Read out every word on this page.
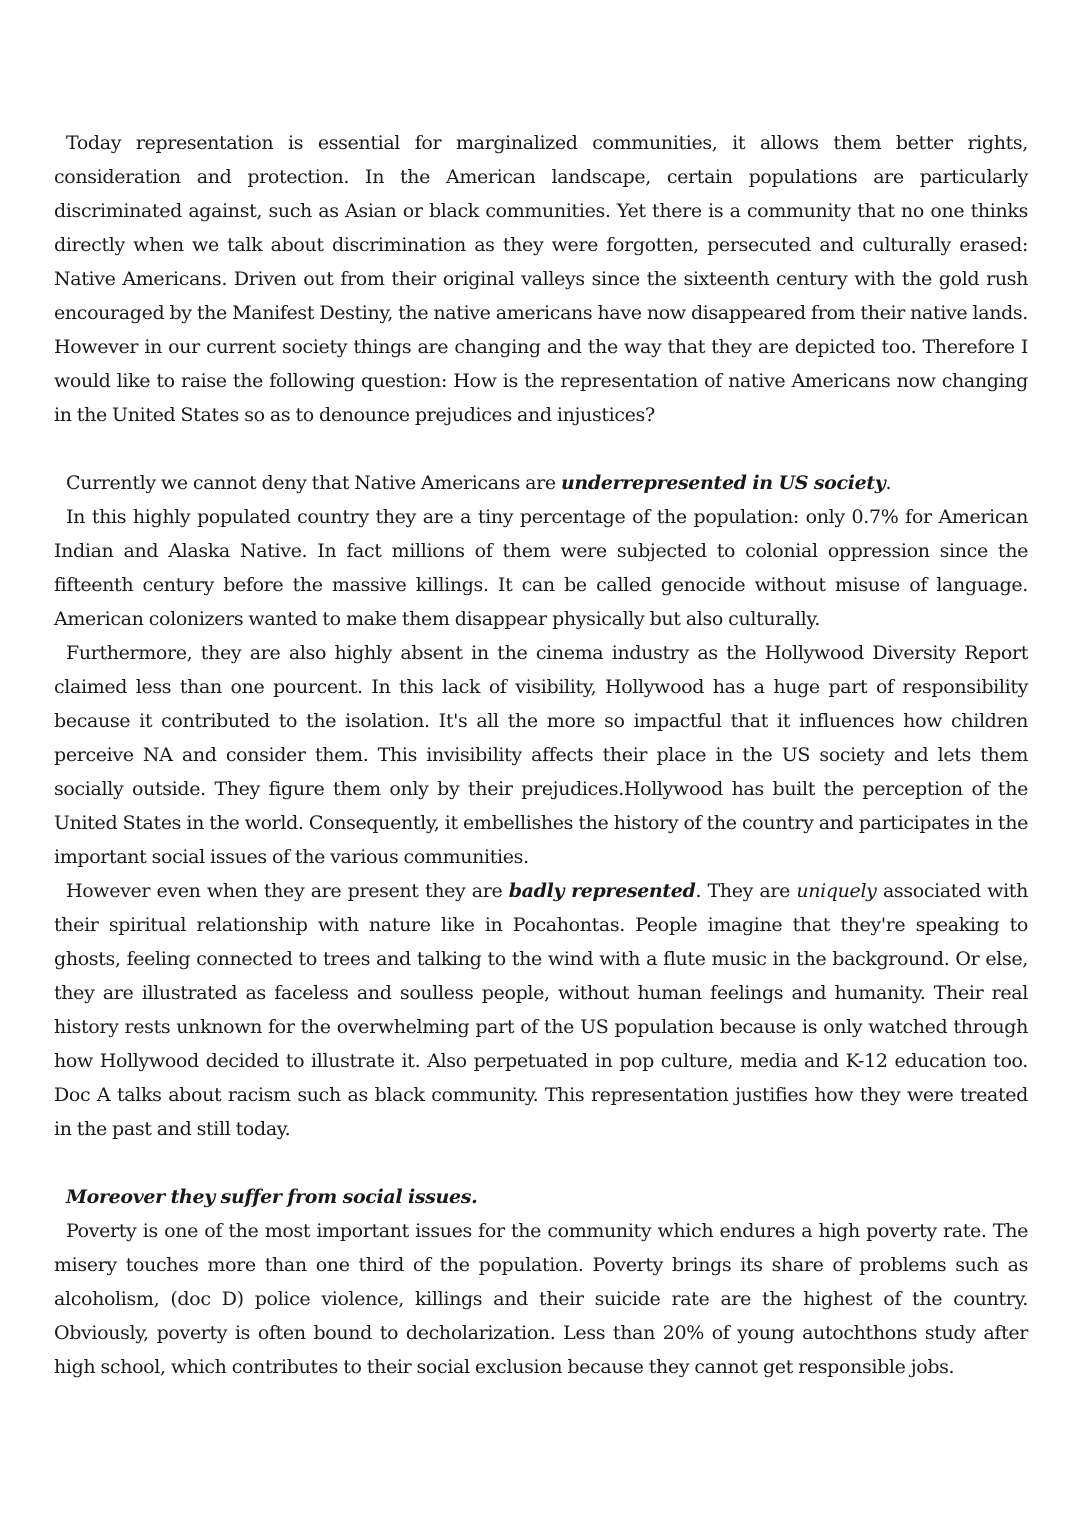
Today representation is essential for marginalized communities, it allows them better rights, consideration and protection. In the American landscape, certain populations are particularly discriminated against, such as Asian or black communities. Yet there is a community that no one thinks directly when we talk about discrimination as they were forgotten, persecuted and culturally erased: Native Americans. Driven out from their original valleys since the sixteenth century with the gold rush encouraged by the Manifest Destiny, the native americans have now disappeared from their native lands. However in our current society things are changing and the way that they are depicted too. Therefore I would like to raise the following question: How is the representation of native Americans now changing in the United States so as to denounce prejudices and injustices?

Currently we cannot deny that Native Americans are underrepresented in US society.

In this highly populated country they are a tiny percentage of the population: only 0.7% for American Indian and Alaska Native. In fact millions of them were subjected to colonial oppression since the fifteenth century before the massive killings. It can be called genocide without misuse of language. American colonizers wanted to make them disappear physically but also culturally.

Furthermore, they are also highly absent in the cinema industry as the Hollywood Diversity Report claimed less than one pourcent. In this lack of visibility, Hollywood has a huge part of responsibility because it contributed to the isolation. It's all the more so impactful that it influences how children perceive NA and consider them. This invisibility affects their place in the US society and lets them socially outside. They figure them only by their prejudices.Hollywood has built the perception of the United States in the world. Consequently, it embellishes the history of the country and participates in the important social issues of the various communities.

However even when they are present they are badly represented. They are uniquely associated with their spiritual relationship with nature like in Pocahontas. People imagine that they're speaking to ghosts, feeling connected to trees and talking to the wind with a flute music in the background. Or else, they are illustrated as faceless and soulless people, without human feelings and humanity. Their real history rests unknown for the overwhelming part of the US population because is only watched through how Hollywood decided to illustrate it. Also perpetuated in pop culture, media and K-12 education too. Doc A talks about racism such as black community. This representation justifies how they were treated in the past and still today.

Moreover they suffer from social issues.

Poverty is one of the most important issues for the community which endures a high poverty rate. The misery touches more than one third of the population. Poverty brings its share of problems such as alcoholism, (doc D) police violence, killings and their suicide rate are the highest of the country. Obviously, poverty is often bound to decholarization. Less than 20% of young autochthons study after high school, which contributes to their social exclusion because they cannot get responsible jobs.
